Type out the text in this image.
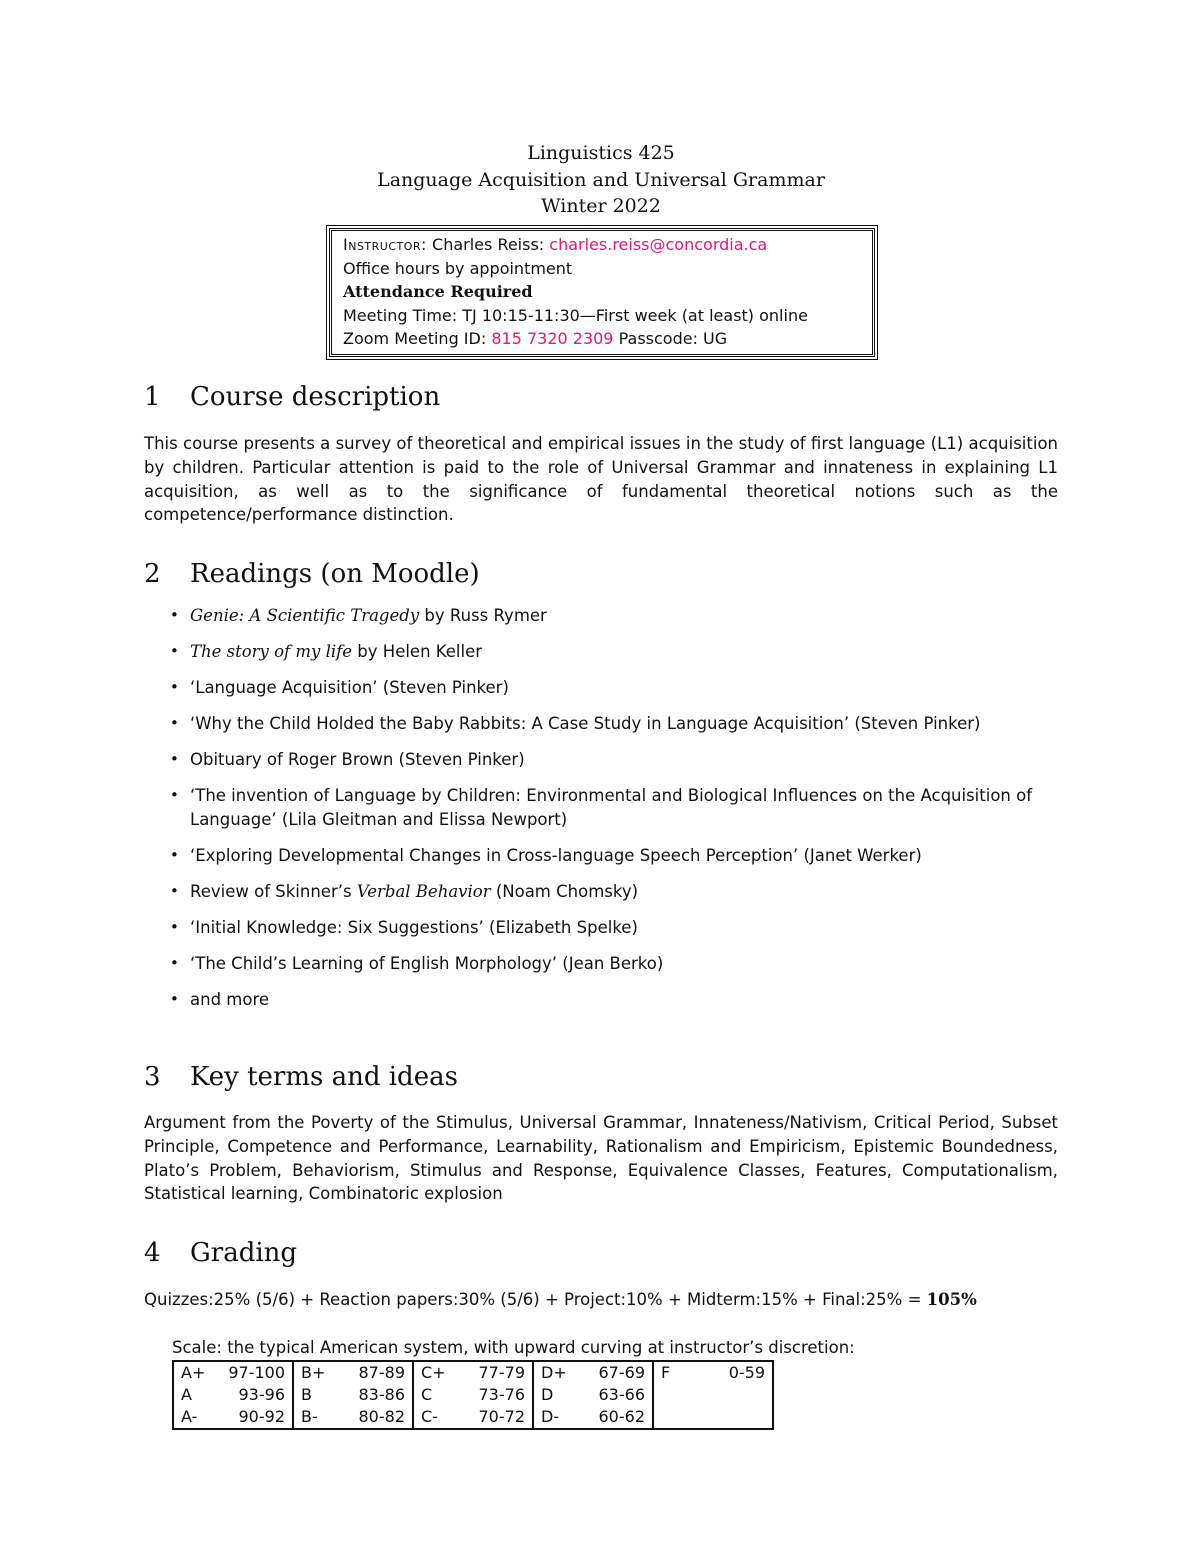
Linguistics 425
Language Acquisition and Universal Grammar
Winter 2022
Instructor: Charles Reiss: charles.reiss@concordia.ca
Office hours by appointment
Attendance Required
Meeting Time: TJ 10:15-11:30—First week (at least) online
Zoom Meeting ID: 815 7320 2309 Passcode: UG
1 Course description

This course presents a survey of theoretical and empirical issues in the study of first language (L1) acquisition by children. Particular attention is paid to the role of Universal Grammar and innateness in explaining L1 acquisition, as well as to the significance of fundamental theoretical notions such as the competence/performance distinction.

2 Readings (on Moodle)
• Genie: A Scientific Tragedy by Russ Rymer
• The story of my life by Helen Keller
• ‘Language Acquisition’ (Steven Pinker)
• ‘Why the Child Holded the Baby Rabbits: A Case Study in Language Acquisition’ (Steven Pinker)
• Obituary of Roger Brown (Steven Pinker)
• ‘The invention of Language by Children: Environmental and Biological Influences on the Acquisition of Language’ (Lila Gleitman and Elissa Newport)
• ‘Exploring Developmental Changes in Cross-language Speech Perception’ (Janet Werker)
• Review of Skinner’s Verbal Behavior (Noam Chomsky)
• ‘Initial Knowledge: Six Suggestions’ (Elizabeth Spelke)
• ‘The Child’s Learning of English Morphology’ (Jean Berko)
• and more
3 Key terms and ideas

Argument from the Poverty of the Stimulus, Universal Grammar, Innateness/Nativism, Critical Period, Subset Principle, Competence and Performance, Learnability, Rationalism and Empiricism, Epistemic Boundedness, Plato’s Problem, Behaviorism, Stimulus and Response, Equivalence Classes, Features, Computationalism, Statistical learning, Combinatoric explosion

4 Grading
Quizzes:25% (5/6) + Reaction papers:30% (5/6) + Project:10% + Midterm:15% + Final:25% = 105%
Scale: the typical American system, with upward curving at instructor’s discretion:
A+	97-100	B+	87-89	C+	77-79	D+	67-69	F	0-59
A	93-96	B	83-86	C	73-76	D	63-66		
A-	90-92	B-	80-82	C-	70-72	D-	60-62		
